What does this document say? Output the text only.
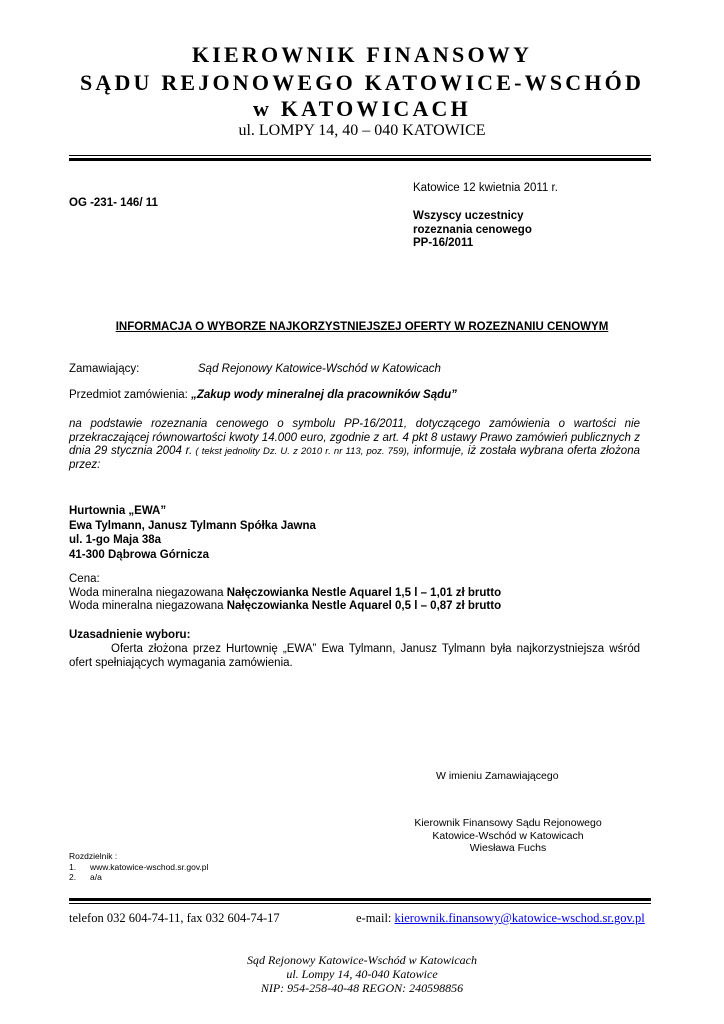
KIEROWNIK FINANSOWY
SĄDU REJONOWEGO KATOWICE-WSCHÓD
w KATOWICACH
ul. LOMPY 14, 40 – 040 KATOWICE
Katowice 12 kwietnia 2011 r.
OG -231- 146/ 11
Wszyscy uczestnicy
rozeznania cenowego
PP-16/2011
INFORMACJA O WYBORZE NAJKORZYSTNIEJSZEJ OFERTY W ROZEZNANIU CENOWYM
Zamawiający:	Sąd Rejonowy Katowice-Wschód w Katowicach
Przedmiot zamówienia: „Zakup wody mineralnej dla pracowników Sądu”
na podstawie rozeznania cenowego o symbolu PP-16/2011, dotyczącego zamówienia o wartości nie przekraczającej równowartości kwoty 14.000 euro, zgodnie z art. 4 pkt 8 ustawy Prawo zamówień publicznych z dnia 29 stycznia 2004 r. ( tekst jednolity Dz. U. z 2010 r. nr 113, poz. 759), informuje, iż została wybrana oferta złożona przez:
Hurtownia „EWA”
Ewa Tylmann, Janusz Tylmann Spółka Jawna
ul. 1-go Maja 38a
41-300 Dąbrowa Górnicza
Cena:
Woda mineralna niegazowana Nałęczowianka Nestle Aquarel 1,5 l – 1,01 zł brutto
Woda mineralna niegazowana Nałęczowianka Nestle Aquarel 0,5 l – 0,87 zł brutto
Uzasadnienie wyboru:
Oferta złożona przez Hurtownię „EWA” Ewa Tylmann, Janusz Tylmann była najkorzystniejsza wśród ofert spełniających wymagania zamówienia.
W imieniu Zamawiającego
Kierownik Finansowy Sądu Rejonowego
Katowice-Wschód w Katowicach
Wiesława Fuchs
Rozdzielnik :
1. www.katowice-wschod.sr.gov.pl
2. a/a
telefon 032 604-74-11, fax 032 604-74-17	e-mail: kierownik.finansowy@katowice-wschod.sr.gov.pl
Sąd Rejonowy Katowice-Wschód w Katowicach
ul. Lompy 14, 40-040 Katowice
NIP: 954-258-40-48 REGON: 240598856
